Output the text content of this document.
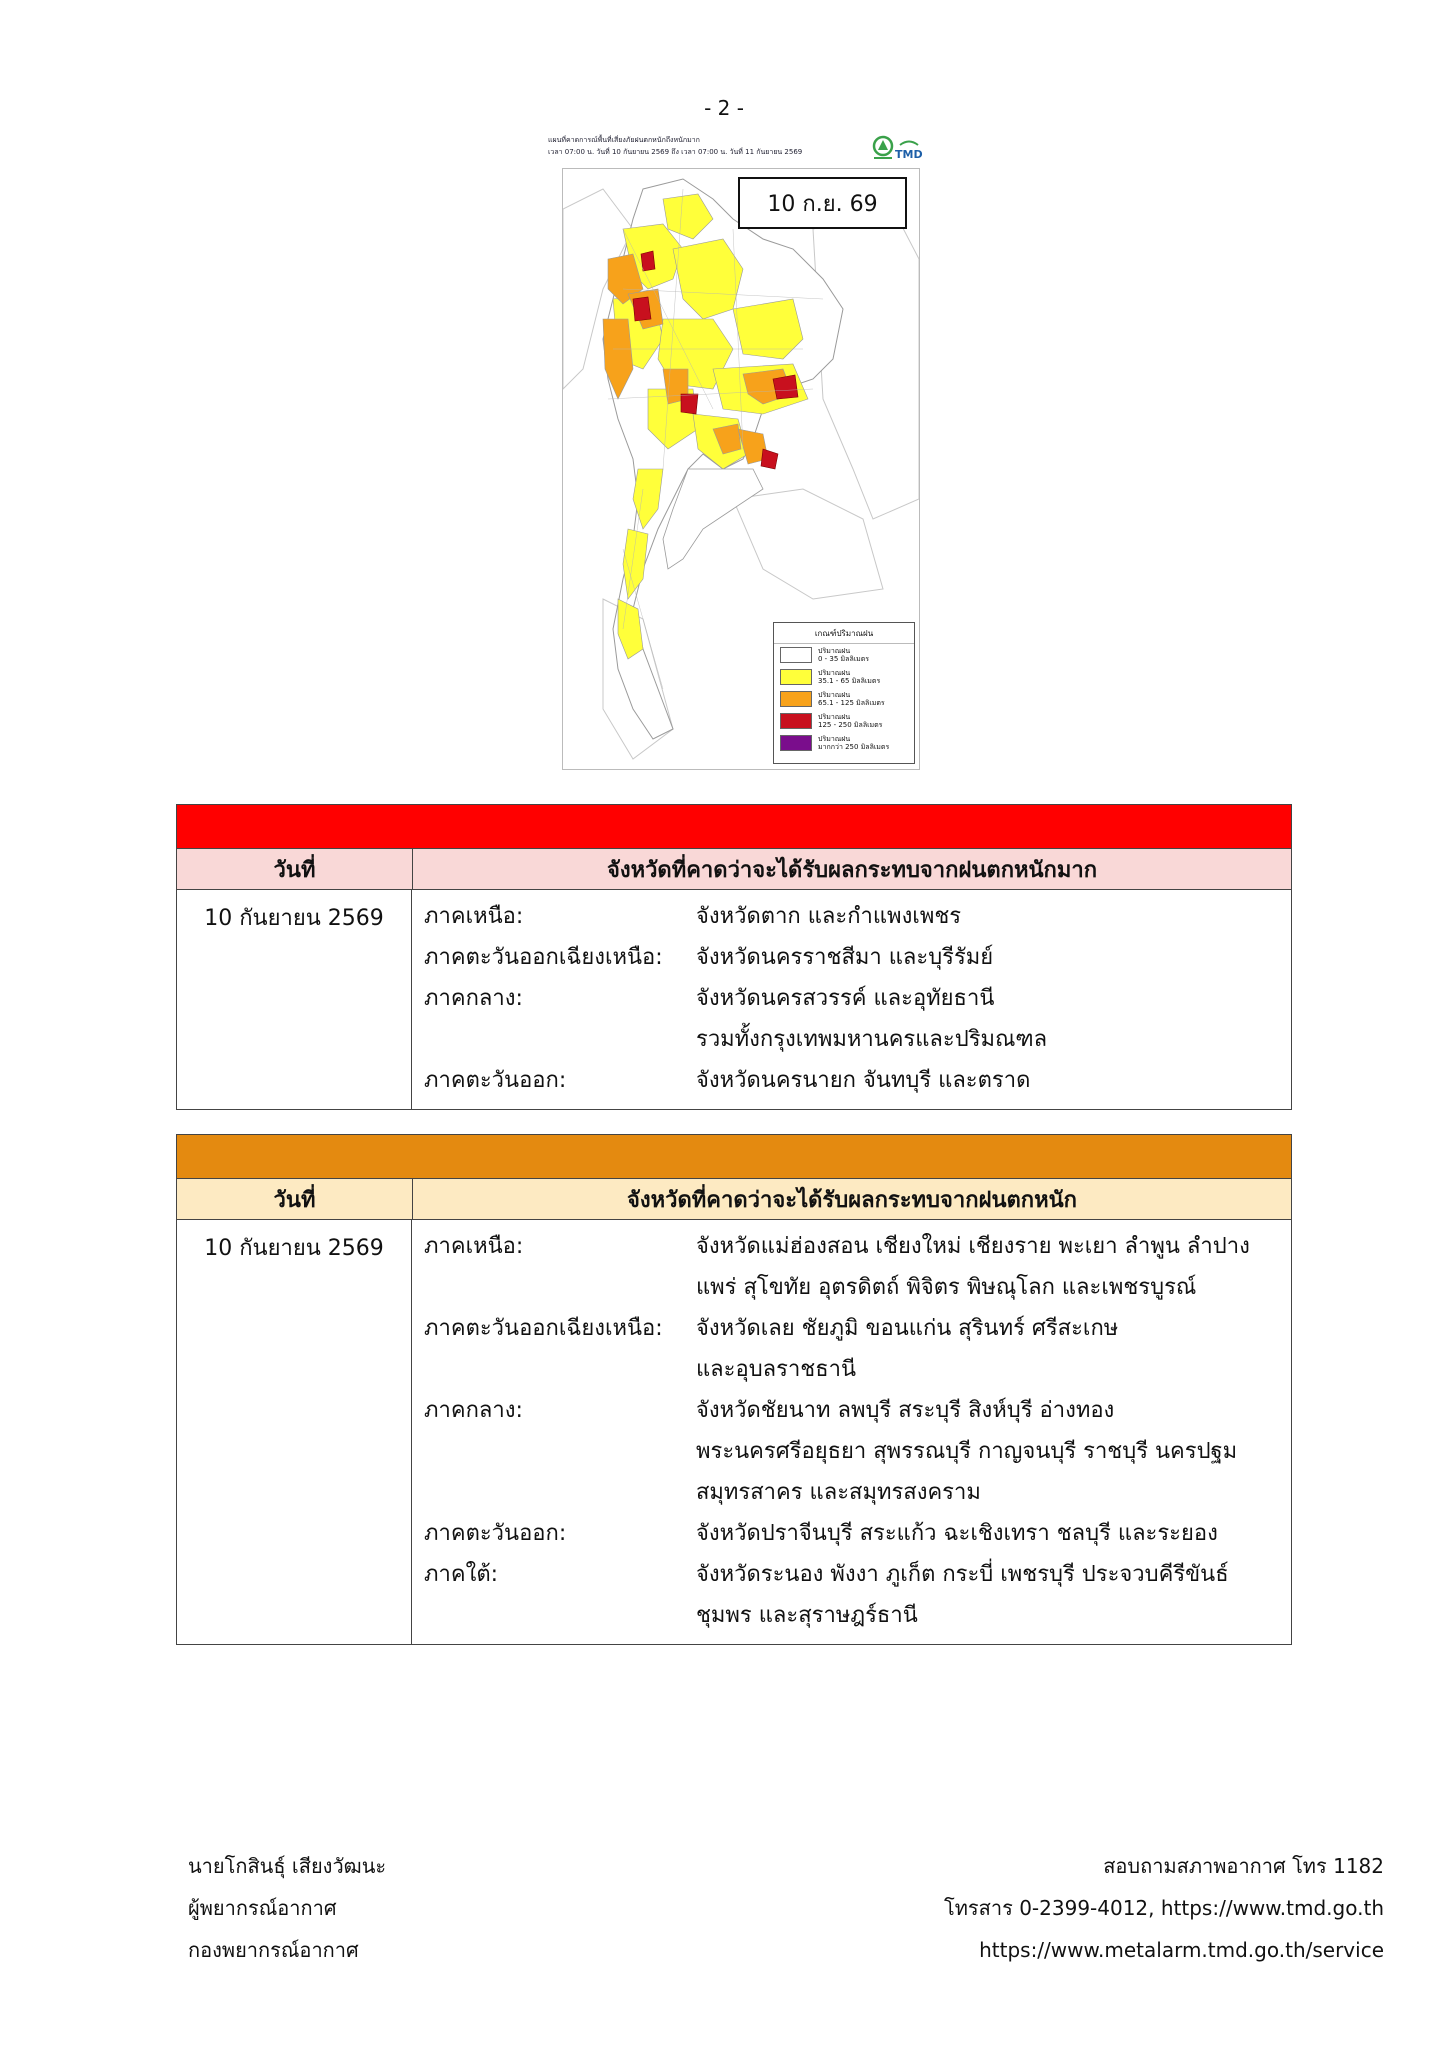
- 2 -
แผนที่คาดการณ์พื้นที่เสี่ยงภัยฝนตกหนักถึงหนักมาก
เวลา 07:00 น. วันที่ 10 กันยายน 2569 ถึง เวลา 07:00 น. วันที่ 11 กันยายน 2569	TMD
10 ก.ย. 69
เกณฑ์ปริมาณฝน
ปริมาณฝน
0 - 35 มิลลิเมตร
ปริมาณฝน
35.1 - 65 มิลลิเมตร
ปริมาณฝน
65.1 - 125 มิลลิเมตร
ปริมาณฝน
125 - 250 มิลลิเมตร
ปริมาณฝน
มากกว่า 250 มิลลิเมตร
วันที่	จังหวัดที่คาดว่าจะได้รับผลกระทบจากฝนตกหนักมาก
10 กันยายน 2569	ภาคเหนือ:	จังหวัดตาก และกำแพงเพชร
ภาคตะวันออกเฉียงเหนือ:	จังหวัดนครราชสีมา และบุรีรัมย์
ภาคกลาง:	จังหวัดนครสวรรค์ และอุทัยธานี
รวมทั้งกรุงเทพมหานครและปริมณฑล
ภาคตะวันออก:	จังหวัดนครนายก จันทบุรี และตราด
วันที่	จังหวัดที่คาดว่าจะได้รับผลกระทบจากฝนตกหนัก
10 กันยายน 2569	ภาคเหนือ:	จังหวัดแม่ฮ่องสอน เชียงใหม่ เชียงราย พะเยา ลำพูน ลำปาง
แพร่ สุโขทัย อุตรดิตถ์ พิจิตร พิษณุโลก และเพชรบูรณ์
ภาคตะวันออกเฉียงเหนือ:	จังหวัดเลย ชัยภูมิ ขอนแก่น สุรินทร์ ศรีสะเกษ
และอุบลราชธานี
ภาคกลาง:	จังหวัดชัยนาท ลพบุรี สระบุรี สิงห์บุรี อ่างทอง
พระนครศรีอยุธยา สุพรรณบุรี กาญจนบุรี ราชบุรี นครปฐม
สมุทรสาคร และสมุทรสงคราม
ภาคตะวันออก:	จังหวัดปราจีนบุรี สระแก้ว ฉะเชิงเทรา ชลบุรี และระยอง
ภาคใต้:	จังหวัดระนอง พังงา ภูเก็ต กระบี่ เพชรบุรี ประจวบคีรีขันธ์
ชุมพร และสุราษฎร์ธานี
นายโกสินธุ์ เสียงวัฒนะ
ผู้พยากรณ์อากาศ
กองพยากรณ์อากาศ
สอบถามสภาพอากาศ โทร 1182
โทรสาร 0-2399-4012, https://www.tmd.go.th
https://www.metalarm.tmd.go.th/service
